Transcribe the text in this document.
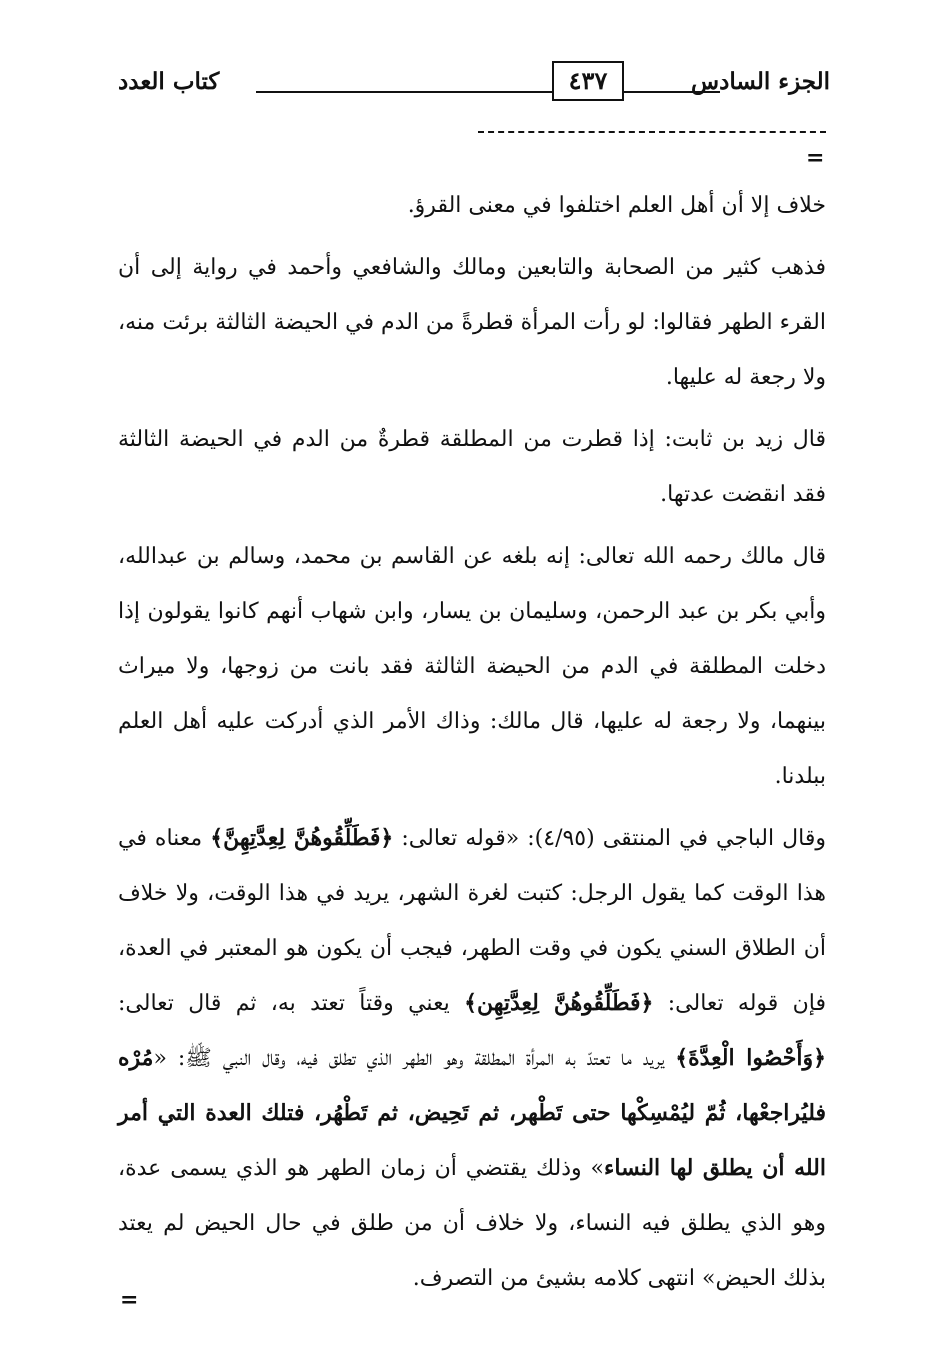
الجزء السادس
٤٣٧
كتاب العدد
=

خلاف إلا أن أهل العلم اختلفوا في معنى القرؤ.

فذهب كثير من الصحابة والتابعين ومالك والشافعي وأحمد في رواية إلى أن القرء الطهر فقالوا: لو رأت المرأة قطرةً من الدم في الحيضة الثالثة برئت منه، ولا رجعة له عليها.

قال زيد بن ثابت: إذا قطرت من المطلقة قطرةٌ من الدم في الحيضة الثالثة فقد انقضت عدتها.

قال مالك رحمه الله تعالى: إنه بلغه عن القاسم بن محمد، وسالم بن عبدالله، وأبي بكر بن عبد الرحمن، وسليمان بن يسار، وابن شهاب أنهم كانوا يقولون إذا دخلت المطلقة في الدم من الحيضة الثالثة فقد بانت من زوجها، ولا ميراث بينهما، ولا رجعة له عليها، قال مالك: وذاك الأمر الذي أدركت عليه أهل العلم ببلدنا.

وقال الباجي في المنتقى (٤/٩٥): «قوله تعالى: ﴿فَطَلِّقُوهُنَّ لِعِدَّتِهِنَّ﴾ معناه في هذا الوقت كما يقول الرجل: كتبت لغرة الشهر، يريد في هذا الوقت، ولا خلاف أن الطلاق السني يكون في وقت الطهر، فيجب أن يكون هو المعتبر في العدة، فإن قوله تعالى: ﴿فَطَلِّقُوهُنَّ لِعِدَّتِهِن﴾ يعني وقتاً تعتد به، ثم قال تعالى: ﴿وَأَحْصُوا الْعِدَّةَ﴾ يريد ما تعتدّ به المرأة المطلقة وهو الطهر الذي تطلق فيه، وقال النبي ﷺ: «مُرْه فليُراجعْها، ثُمّ ليُمْسِكْها حتى تَطْهر، ثم تَحِيض، ثم تَطْهُر، فتلك العدة التي أمر الله أن يطلق لها النساء» وذلك يقتضي أن زمان الطهر هو الذي يسمى عدة، وهو الذي يطلق فيه النساء، ولا خلاف أن من طلق في حال الحيض لم يعتد بذلك الحيض» انتهى كلامه بشيئ من التصرف.

=
